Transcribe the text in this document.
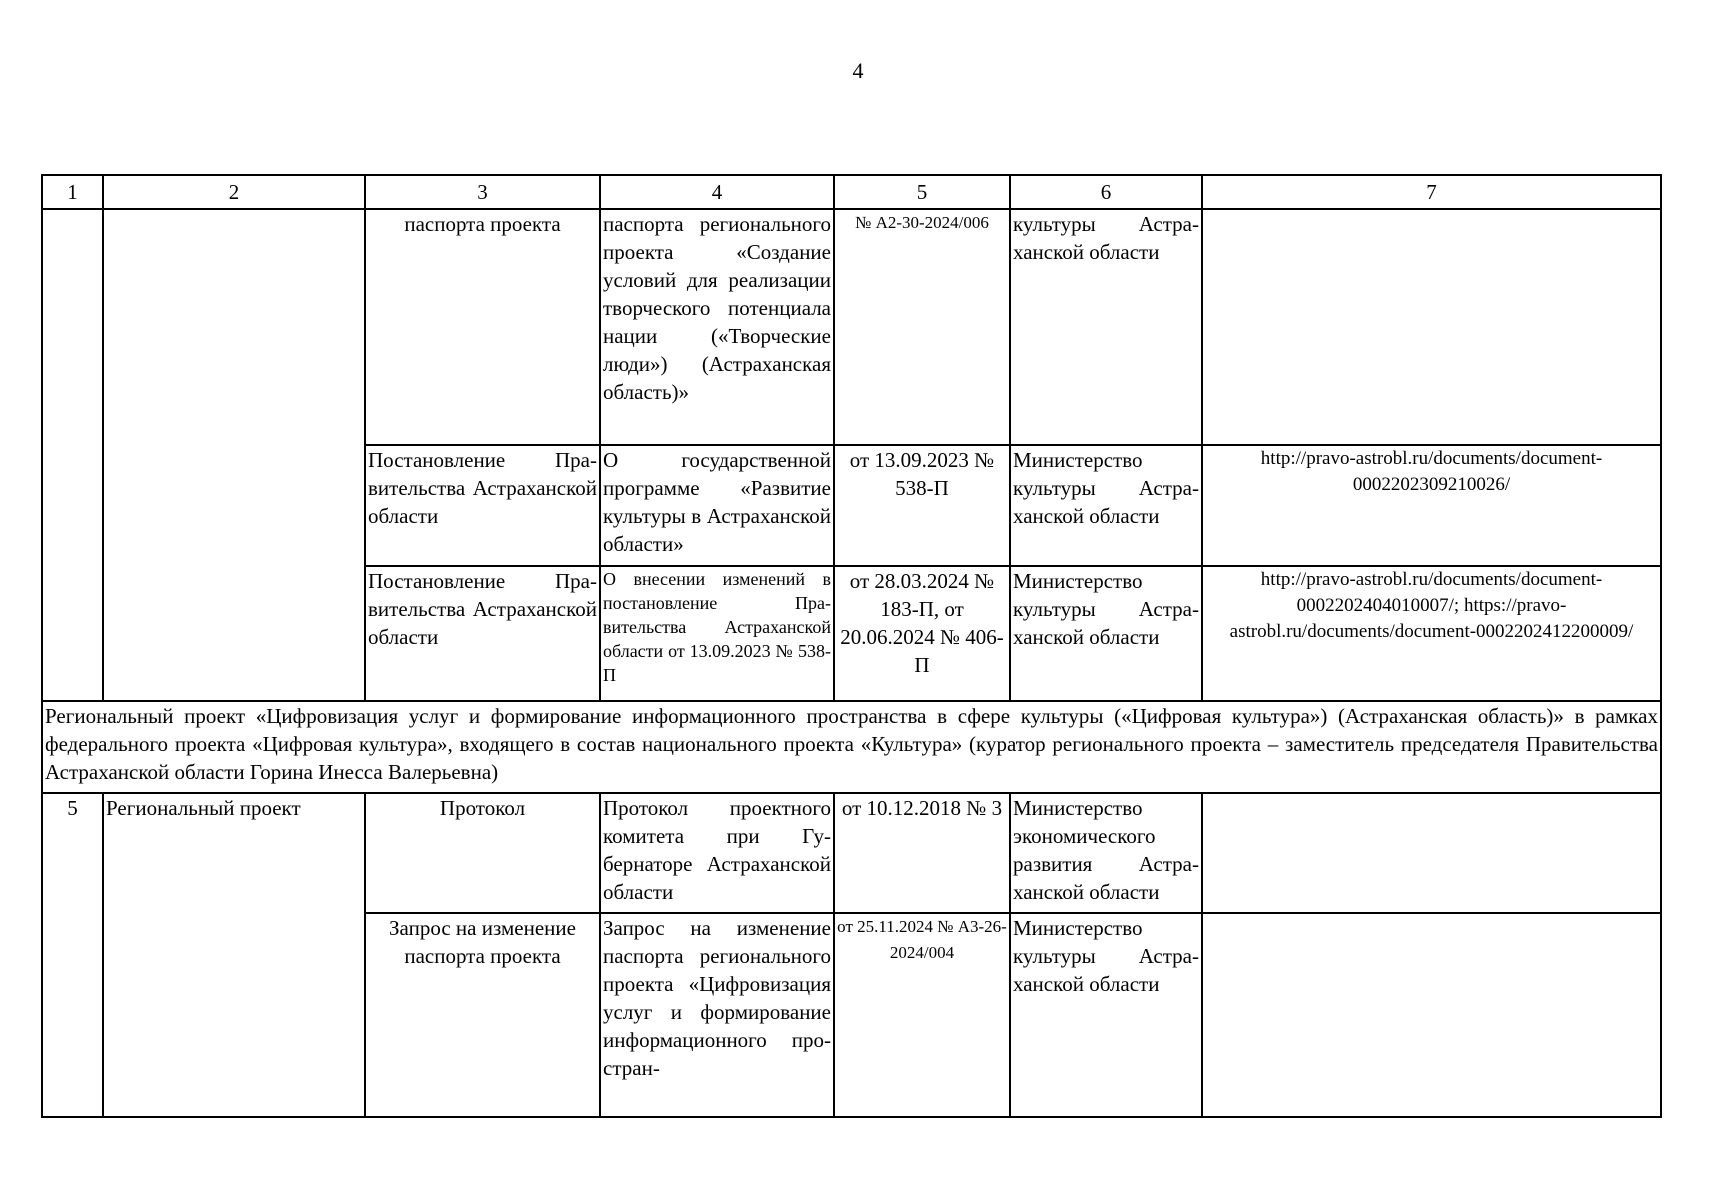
4
1	2	3	4	5	6	7
		паспорта проекта	паспорта регионального проекта «Создание условий для реализации творческого потенциала нации («Творческие люди») (Астраханская область)»	№ А2-30-2024/006	культуры Астраханской области	
		Постановление Правительства Астраханской области	О государственной программе «Развитие культуры в Астраханской области»	от 13.09.2023 № 538-П	Министерство культуры Астраханской области	http://pravo-astrobl.ru/documents/document-0002202309210026/
		Постановление Правительства Астраханской области	О внесении изменений в постановление Правительства Астраханской области от 13.09.2023 № 538-П	от 28.03.2024 № 183-П, от 20.06.2024 № 406-П	Министерство культуры Астраханской области	http://pravo-astrobl.ru/documents/document-0002202404010007/; https://pravo-astrobl.ru/documents/document-0002202412200009/
Региональный проект «Цифровизация услуг и формирование информационного пространства в сфере культуры («Цифровая культура») (Астраханская область)» в рамках федерального проекта «Цифровая культура», входящего в состав национального проекта «Культура» (куратор регионального проекта – заместитель председателя Правительства Астраханской области Горина Инесса Валерьевна)						
5	Региональный проект	Протокол	Протокол проектного комитета при Губернаторе Астраханской области	от 10.12.2018 № 3	Министерство экономического развития Астраханской области	
		Запрос на изменение паспорта проекта	Запрос на изменение паспорта регионального проекта «Цифровизация услуг и формирование информационного простран-	от 25.11.2024 № А3-26-2024/004	Министерство культуры Астраханской области	
